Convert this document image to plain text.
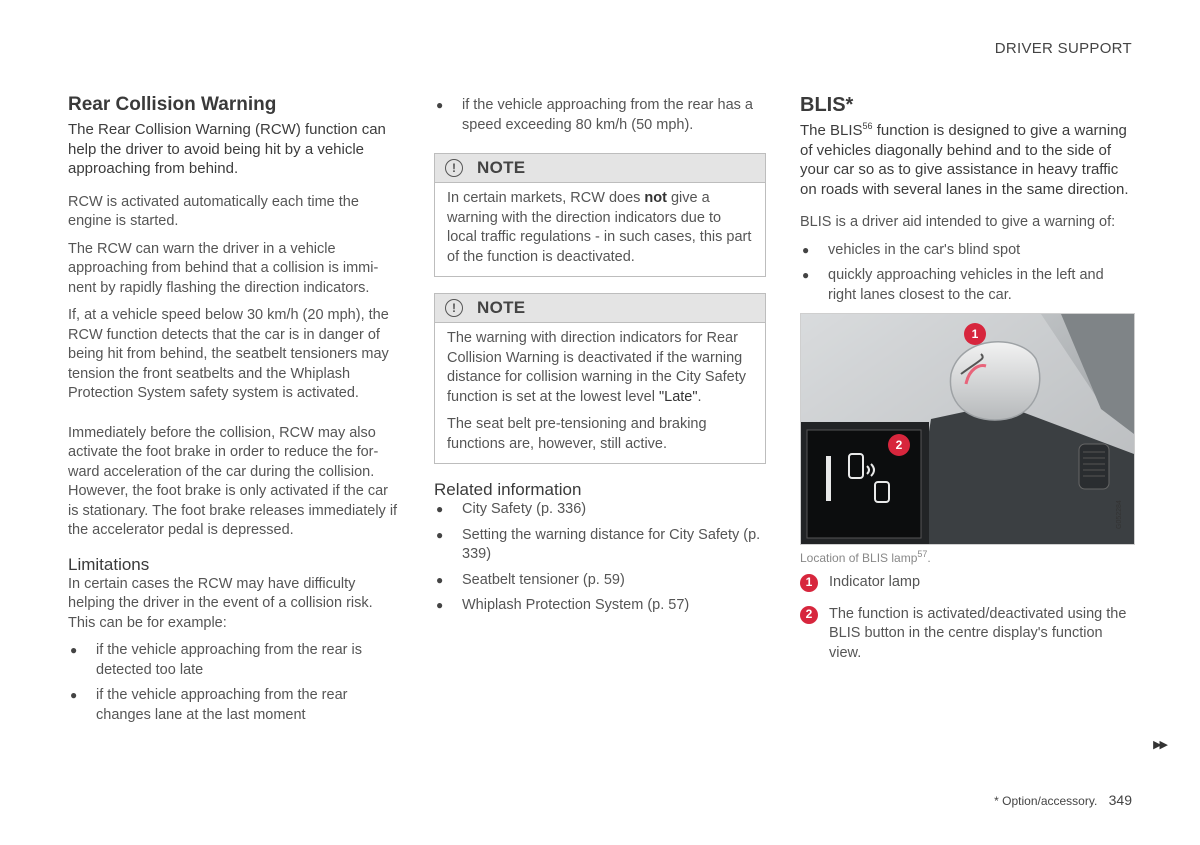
DRIVER SUPPORT
Rear Collision Warning

The Rear Collision Warning (RCW) function can help the driver to avoid being hit by a vehicle approaching from behind.

RCW is activated automatically each time the engine is started.

The RCW can warn the driver in a vehicle approaching from behind that a collision is imminent by rapidly flashing the direction indicators.

If, at a vehicle speed below 30 km/h (20 mph), the RCW function detects that the car is in danger of being hit from behind, the seatbelt tensioners may tension the front seatbelts and the Whiplash Protection System safety system is activated.

Immediately before the collision, RCW may also activate the foot brake in order to reduce the forward acceleration of the car during the collision. However, the foot brake is only activated if the car is stationary. The foot brake releases immediately if the accelerator pedal is depressed.

Limitations

In certain cases the RCW may have difficulty helping the driver in the event of a collision risk. This can be for example:

● if the vehicle approaching from the rear is detected too late
● if the vehicle approaching from the rear changes lane at the last moment
● if the vehicle approaching from the rear has a speed exceeding 80 km/h (50 mph).
!	NOTE

In certain markets, RCW does not give a warning with the direction indicators due to local traffic regulations - in such cases, this part of the function is deactivated.

!	NOTE

The warning with direction indicators for Rear Collision Warning is deactivated if the warning distance for collision warning in the City Safety function is set at the lowest level "Late".

The seat belt pre-tensioning and braking functions are, however, still active.

Related information
● City Safety (p. 336)
● Setting the warning distance for City Safety (p. 339)
● Seatbelt tensioner (p. 59)
● Whiplash Protection System (p. 57)
BLIS*

The BLIS$^{56}$ function is designed to give a warning of vehicles diagonally behind and to the side of your car so as to give assistance in heavy traffic on roads with several lanes in the same direction.

BLIS is a driver aid intended to give a warning of:

● vehicles in the car's blind spot
● quickly approaching vehicles in the left and right lanes closest to the car.
G052284
1
2
Location of BLIS lamp$^{57}$.
1	Indicator lamp
2	The function is activated/deactivated using the BLIS button in the centre display's function view.
▶▶
* Option/accessory. 349
